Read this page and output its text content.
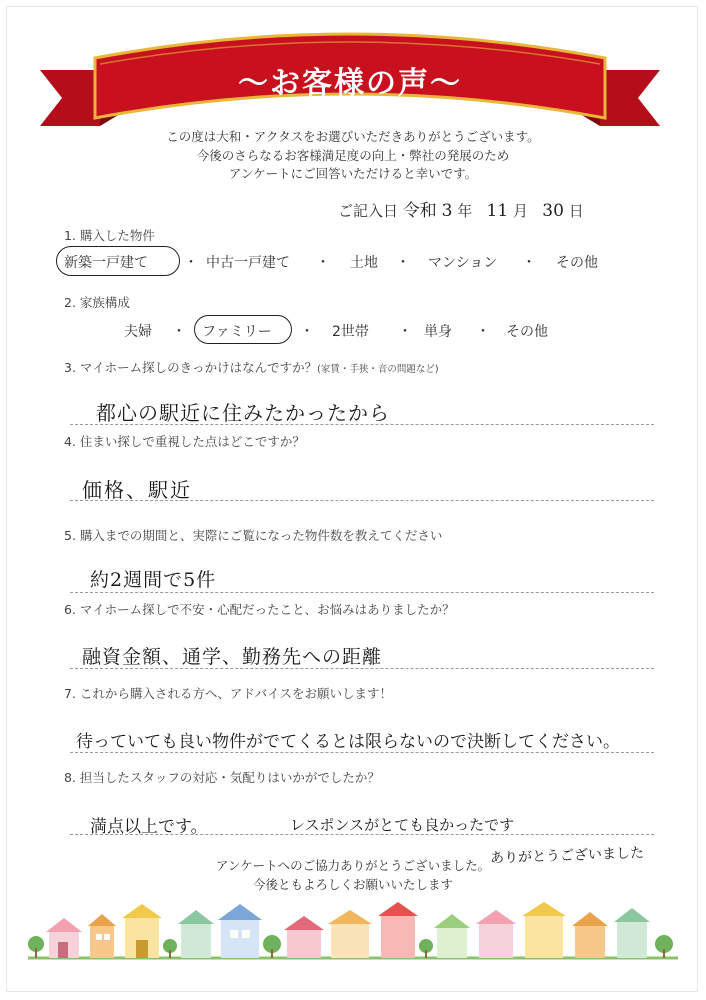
〜お客様の声〜
この度は大和・アクタスをお選びいただきありがとうございます。
今後のさらなるお客様満足度の向上・弊社の発展のため
アンケートにご回答いただけると幸いです。
ご記入日 令和 3 年 11 月 30 日
1. 購入した物件
新築一戸建て	・ 中古一戸建て ・ 土地 ・ マンション ・ その他
2. 家族構成
夫婦 ・ ファミリー ・ 2世帯 ・ 単身 ・ その他
3. マイホーム探しのきっかけはなんですか？(家賃・手狭・音の問題など)
都心の駅近に住みたかったから
4. 住まい探しで重視した点はどこですか？
価格、駅近
5. 購入までの期間と、実際にご覧になった物件数を教えてください
約2週間で5件
6. マイホーム探しで不安・心配だったこと、お悩みはありましたか？
融資金額、通学、勤務先への距離
7. これから購入される方へ、アドバイスをお願いします！
待っていても良い物件がでてくるとは限らないので決断してください。
8. 担当したスタッフの対応・気配りはいかがでしたか？
満点以上です。	レスポンスがとても良かったです
ありがとうございました
アンケートへのご協力ありがとうございました。
今後ともよろしくお願いいたします
